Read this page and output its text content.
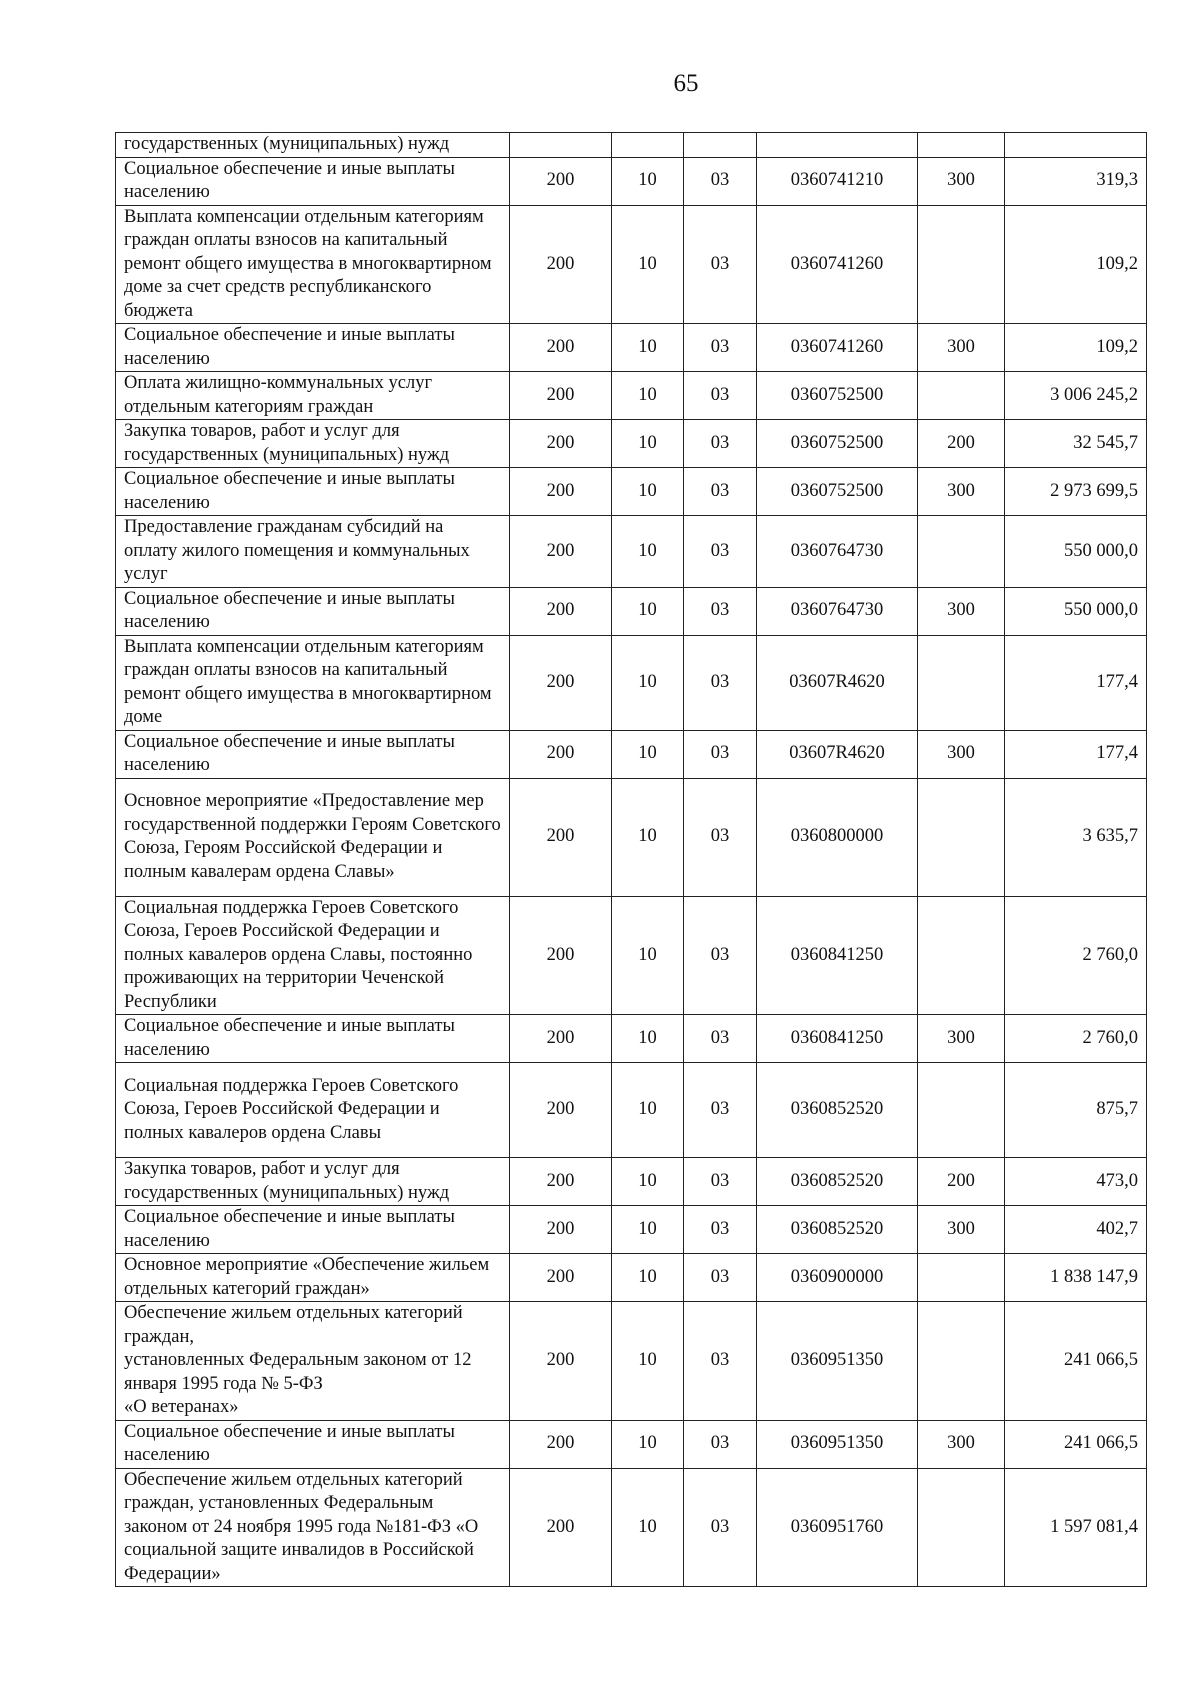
65
государственных (муниципальных) нужд						
Социальное обеспечение и иные выплаты населению	200	10	03	0360741210	300	319,3
Выплата компенсации отдельным категориям граждан оплаты взносов на капитальный ремонт общего имущества в многоквартирном доме за счет средств республиканского бюджета	200	10	03	0360741260		109,2
Социальное обеспечение и иные выплаты населению	200	10	03	0360741260	300	109,2
Оплата жилищно-коммунальных услуг отдельным категориям граждан	200	10	03	0360752500		3 006 245,2
Закупка товаров, работ и услуг для государственных (муниципальных) нужд	200	10	03	0360752500	200	32 545,7
Социальное обеспечение и иные выплаты населению	200	10	03	0360752500	300	2 973 699,5
Предоставление гражданам субсидий на оплату жилого помещения и коммунальных услуг	200	10	03	0360764730		550 000,0
Социальное обеспечение и иные выплаты населению	200	10	03	0360764730	300	550 000,0
Выплата компенсации отдельным категориям граждан оплаты взносов на капитальный ремонт общего имущества в многоквартирном доме	200	10	03	03607R4620		177,4
Социальное обеспечение и иные выплаты населению	200	10	03	03607R4620	300	177,4
Основное мероприятие «Предоставление мер государственной поддержки Героям Советского Союза, Героям Российской Федерации и полным кавалерам ордена Славы»	200	10	03	0360800000		3 635,7
Социальная поддержка Героев Советского Союза, Героев Российской Федерации и полных кавалеров ордена Славы, постоянно проживающих на территории Чеченской Республики	200	10	03	0360841250		2 760,0
Социальное обеспечение и иные выплаты населению	200	10	03	0360841250	300	2 760,0
Социальная поддержка Героев Советского Союза, Героев Российской Федерации и полных кавалеров ордена Славы	200	10	03	0360852520		875,7
Закупка товаров, работ и услуг для государственных (муниципальных) нужд	200	10	03	0360852520	200	473,0
Социальное обеспечение и иные выплаты населению	200	10	03	0360852520	300	402,7
Основное мероприятие «Обеспечение жильем отдельных категорий граждан»	200	10	03	0360900000		1 838 147,9
Обеспечение жильем отдельных категорий граждан,
установленных Федеральным законом от 12 января 1995 года № 5-ФЗ
«О ветеранах»	200	10	03	0360951350		241 066,5
Социальное обеспечение и иные выплаты населению	200	10	03	0360951350	300	241 066,5
Обеспечение жильем отдельных категорий граждан, установленных Федеральным законом от 24 ноября 1995 года №181-ФЗ «О социальной защите инвалидов в Российской Федерации»	200	10	03	0360951760		1 597 081,4
